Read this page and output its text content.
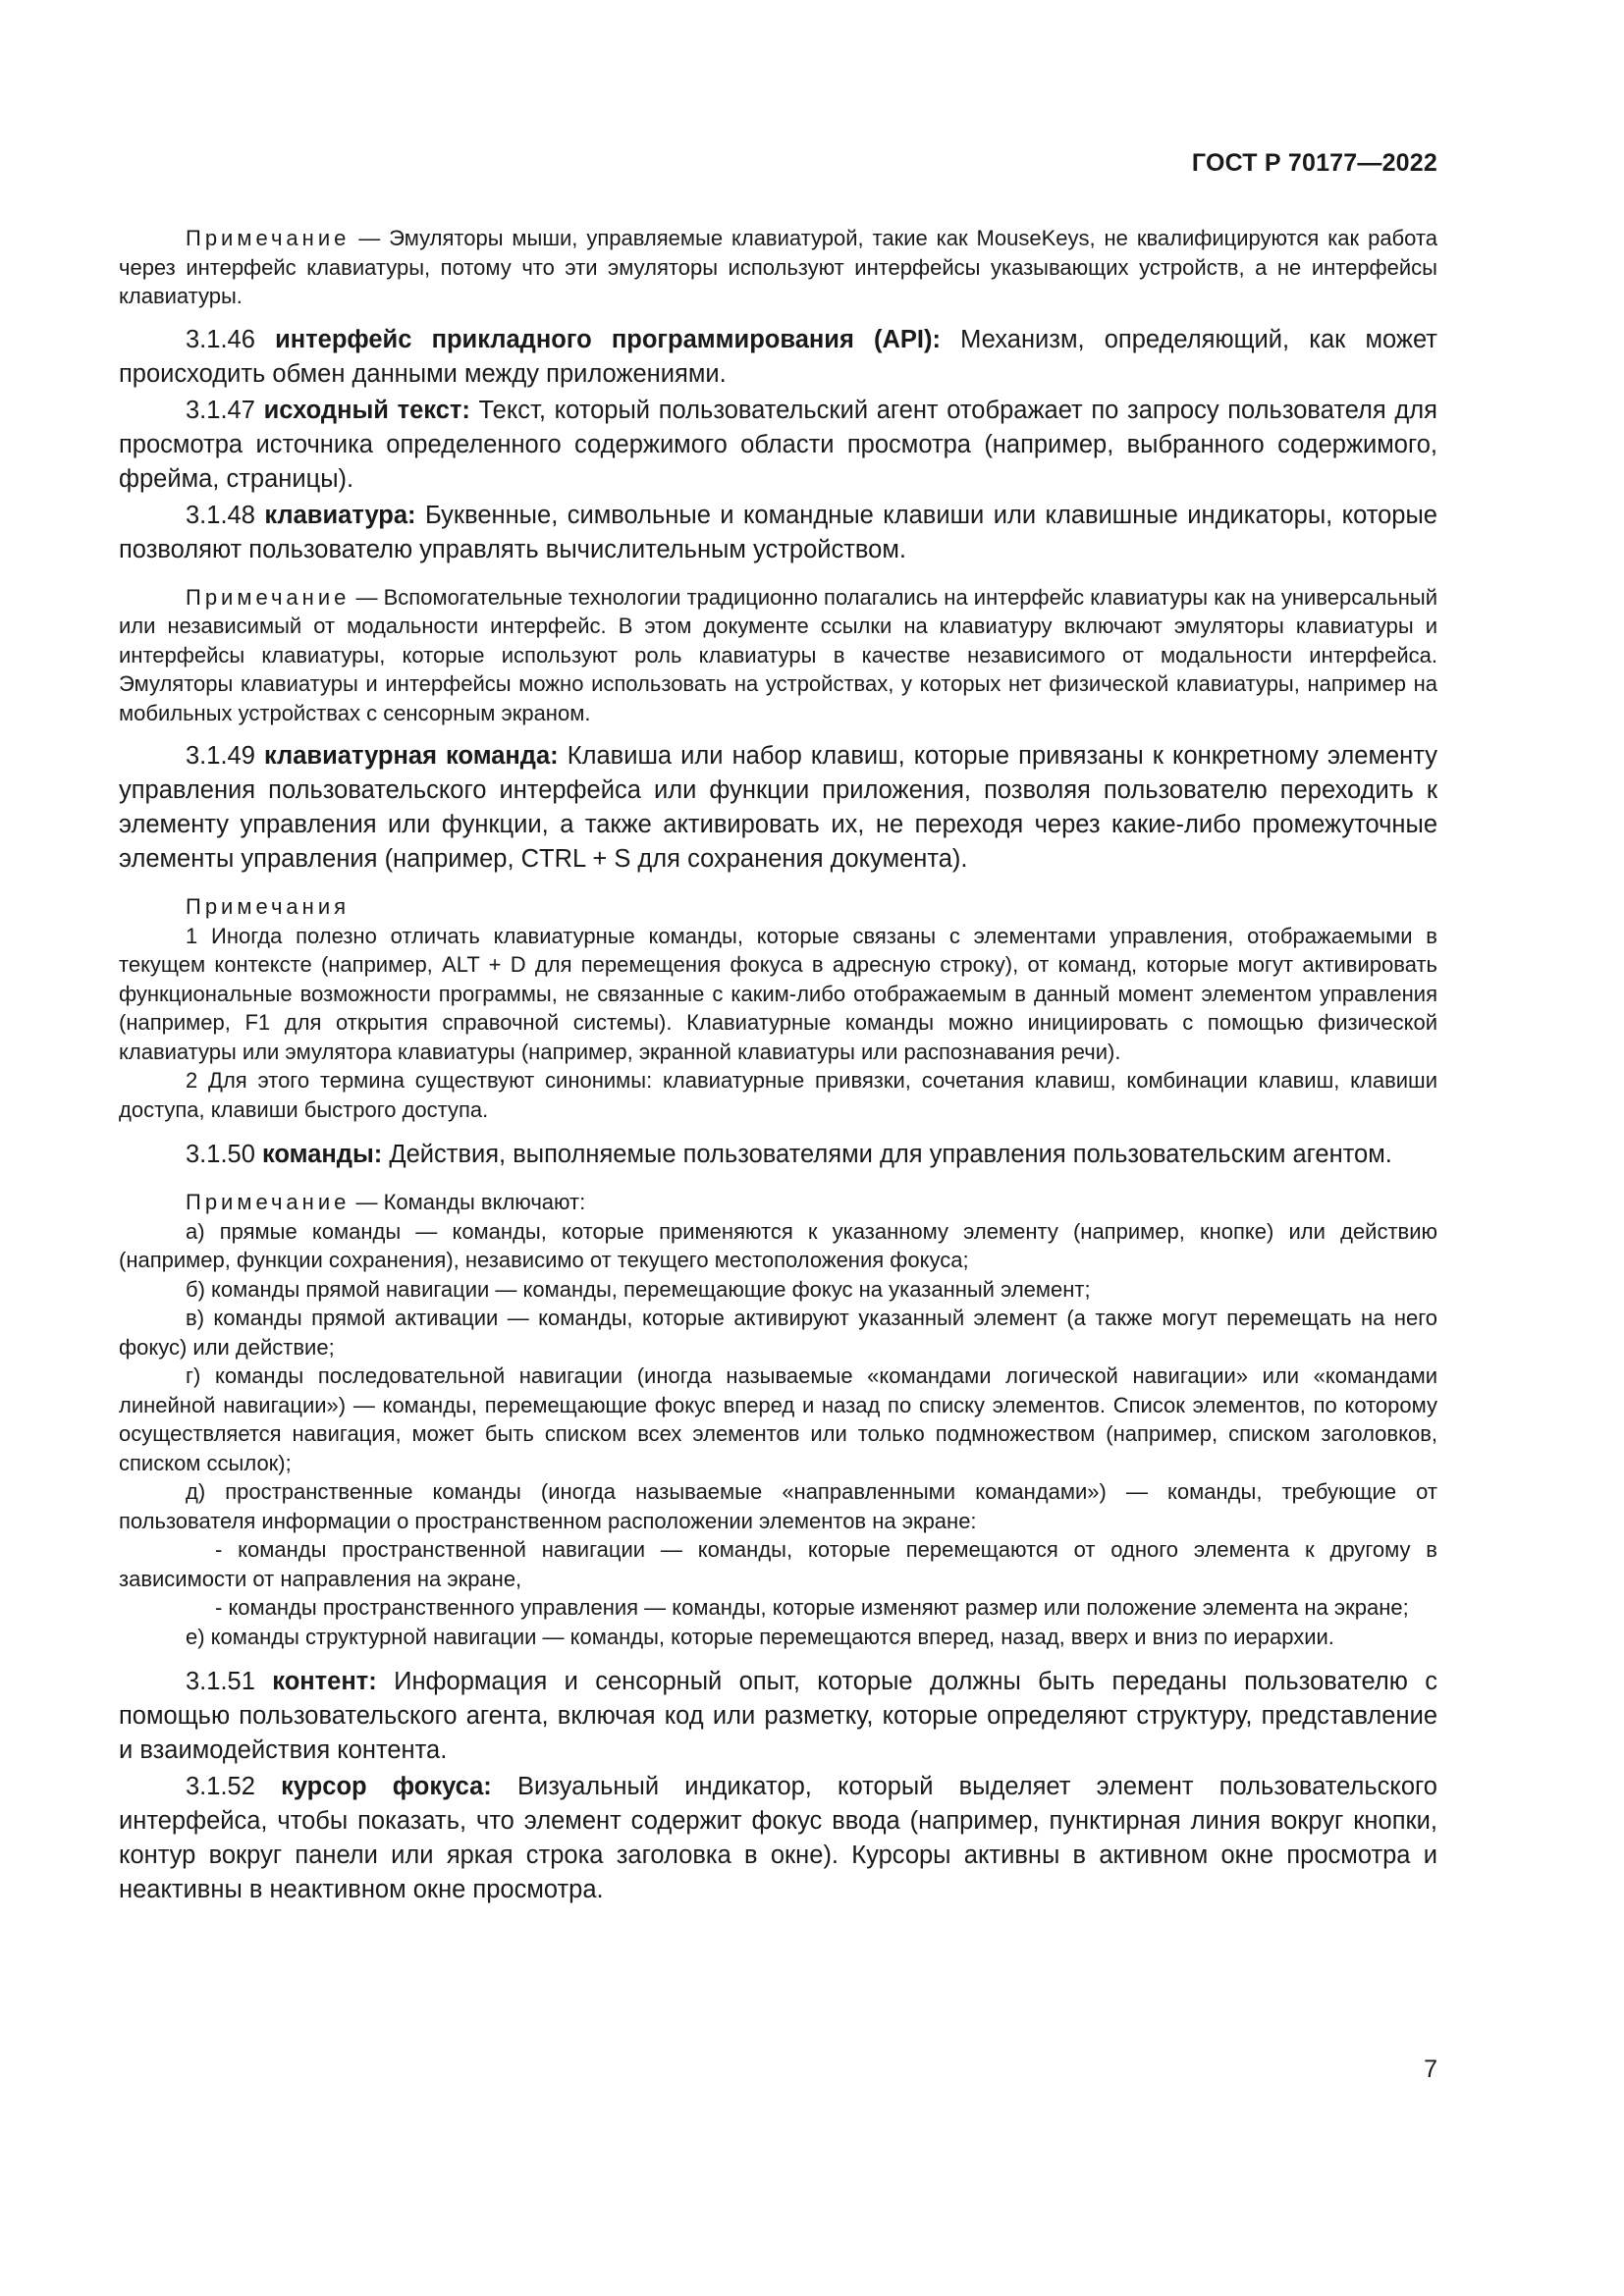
ГОСТ Р 70177—2022

Примечание — Эмуляторы мыши, управляемые клавиатурой, такие как MouseKeys, не квалифицируются как работа через интерфейс клавиатуры, потому что эти эмуляторы используют интерфейсы указывающих устройств, а не интерфейсы клавиатуры.

3.1.46 интерфейс прикладного программирования (API): Механизм, определяющий, как может происходить обмен данными между приложениями.

3.1.47 исходный текст: Текст, который пользовательский агент отображает по запросу пользователя для просмотра источника определенного содержимого области просмотра (например, выбранного содержимого, фрейма, страницы).

3.1.48 клавиатура: Буквенные, символьные и командные клавиши или клавишные индикаторы, которые позволяют пользователю управлять вычислительным устройством.

Примечание — Вспомогательные технологии традиционно полагались на интерфейс клавиатуры как на универсальный или независимый от модальности интерфейс. В этом документе ссылки на клавиатуру включают эмуляторы клавиатуры и интерфейсы клавиатуры, которые используют роль клавиатуры в качестве независимого от модальности интерфейса. Эмуляторы клавиатуры и интерфейсы можно использовать на устройствах, у которых нет физической клавиатуры, например на мобильных устройствах с сенсорным экраном.

3.1.49 клавиатурная команда: Клавиша или набор клавиш, которые привязаны к конкретному элементу управления пользовательского интерфейса или функции приложения, позволяя пользователю переходить к элементу управления или функции, а также активировать их, не переходя через какие-либо промежуточные элементы управления (например, CTRL + S для сохранения документа).

Примечания

1 Иногда полезно отличать клавиатурные команды, которые связаны с элементами управления, отображаемыми в текущем контексте (например, ALT + D для перемещения фокуса в адресную строку), от команд, которые могут активировать функциональные возможности программы, не связанные с каким-либо отображаемым в данный момент элементом управления (например, F1 для открытия справочной системы). Клавиатурные команды можно инициировать с помощью физической клавиатуры или эмулятора клавиатуры (например, экранной клавиатуры или распознавания речи).

2 Для этого термина существуют синонимы: клавиатурные привязки, сочетания клавиш, комбинации клавиш, клавиши доступа, клавиши быстрого доступа.

3.1.50 команды: Действия, выполняемые пользователями для управления пользовательским агентом.

Примечание — Команды включают:

а) прямые команды — команды, которые применяются к указанному элементу (например, кнопке) или действию (например, функции сохранения), независимо от текущего местоположения фокуса;

б) команды прямой навигации — команды, перемещающие фокус на указанный элемент;

в) команды прямой активации — команды, которые активируют указанный элемент (а также могут перемещать на него фокус) или действие;

г) команды последовательной навигации (иногда называемые «командами логической навигации» или «командами линейной навигации») — команды, перемещающие фокус вперед и назад по списку элементов. Список элементов, по которому осуществляется навигация, может быть списком всех элементов или только подмножеством (например, списком заголовков, списком ссылок);

д) пространственные команды (иногда называемые «направленными командами») — команды, требующие от пользователя информации о пространственном расположении элементов на экране:

- команды пространственной навигации — команды, которые перемещаются от одного элемента к другому в зависимости от направления на экране,

- команды пространственного управления — команды, которые изменяют размер или положение элемента на экране;

е) команды структурной навигации — команды, которые перемещаются вперед, назад, вверх и вниз по иерархии.

3.1.51 контент: Информация и сенсорный опыт, которые должны быть переданы пользователю с помощью пользовательского агента, включая код или разметку, которые определяют структуру, представление и взаимодействия контента.

3.1.52 курсор фокуса: Визуальный индикатор, который выделяет элемент пользовательского интерфейса, чтобы показать, что элемент содержит фокус ввода (например, пунктирная линия вокруг кнопки, контур вокруг панели или яркая строка заголовка в окне). Курсоры активны в активном окне просмотра и неактивны в неактивном окне просмотра.

7
